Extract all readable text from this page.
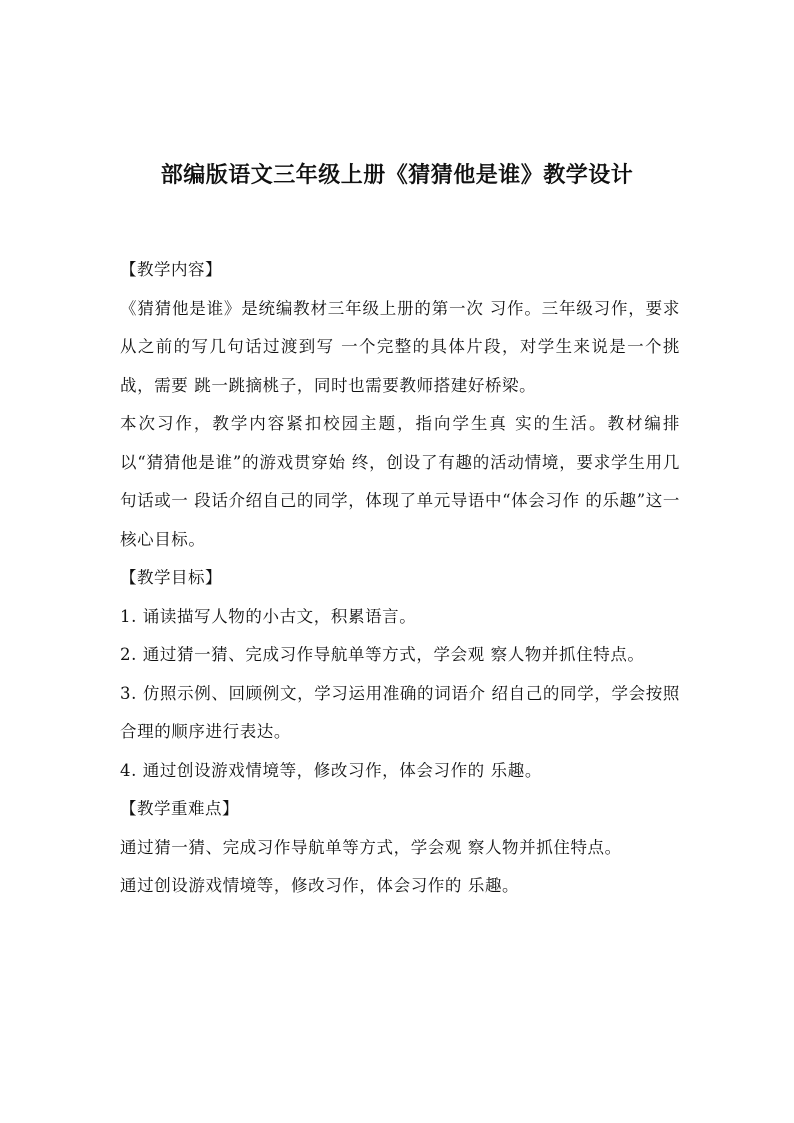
部编版语文三年级上册《猜猜他是谁》教学设计

【教学内容】

《猜猜他是谁》是统编教材三年级上册的第一次 习作。三年级习作，要求从之前的写几句话过渡到写 一个完整的具体片段，对学生来说是一个挑战，需要 跳一跳摘桃子，同时也需要教师搭建好桥梁。

本次习作，教学内容紧扣校园主题，指向学生真 实的生活。教材编排以“猜猜他是谁”的游戏贯穿始 终，创设了有趣的活动情境，要求学生用几句话或一 段话介绍自己的同学，体现了单元导语中“体会习作 的乐趣”这一核心目标。

【教学目标】

1. 诵读描写人物的小古文，积累语言。

2. 通过猜一猜、完成习作导航单等方式，学会观 察人物并抓住特点。

3. 仿照示例、回顾例文，学习运用准确的词语介 绍自己的同学，学会按照合理的顺序进行表达。

4. 通过创设游戏情境等，修改习作，体会习作的 乐趣。

【教学重难点】

通过猜一猜、完成习作导航单等方式，学会观 察人物并抓住特点。

通过创设游戏情境等，修改习作，体会习作的 乐趣。
